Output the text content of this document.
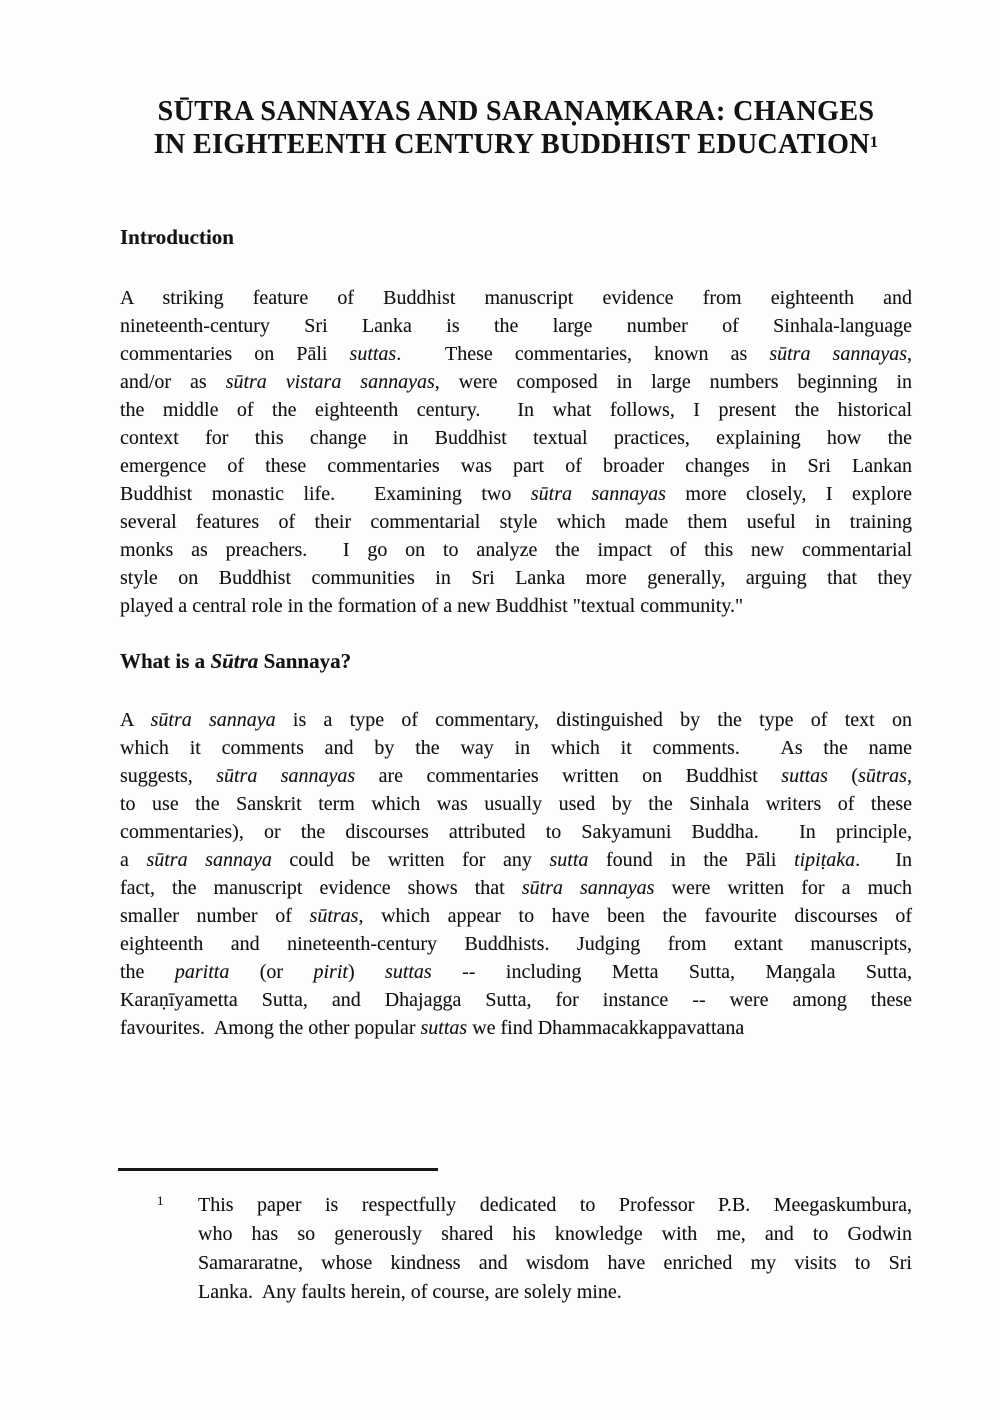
SŪTRA SANNAYAS AND SARAṆAṂKARA: CHANGES
IN EIGHTEENTH CENTURY BUDDHIST EDUCATION$^1$
Introduction
A striking feature of Buddhist manuscript evidence from eighteenth and
nineteenth-century Sri Lanka is the large number of Sinhala-language
commentaries on Pāli suttas.  These commentaries, known as sūtra sannayas,
and/or as sūtra vistara sannayas, were composed in large numbers beginning in
the middle of the eighteenth century.  In what follows, I present the historical
context for this change in Buddhist textual practices, explaining how the
emergence of these commentaries was part of broader changes in Sri Lankan
Buddhist monastic life.  Examining two sūtra sannayas more closely, I explore
several features of their commentarial style which made them useful in training
monks as preachers.  I go on to analyze the impact of this new commentarial
style on Buddhist communities in Sri Lanka more generally, arguing that they
played a central role in the formation of a new Buddhist "textual community."
What is a Sūtra Sannaya?
A sūtra sannaya is a type of commentary, distinguished by the type of text on
which it comments and by the way in which it comments.  As the name
suggests, sūtra sannayas are commentaries written on Buddhist suttas (sūtras,
to use the Sanskrit term which was usually used by the Sinhala writers of these
commentaries), or the discourses attributed to Sakyamuni Buddha.  In principle,
a sūtra sannaya could be written for any sutta found in the Pāli tipiṭaka.  In
fact, the manuscript evidence shows that sūtra sannayas were written for a much
smaller number of sūtras, which appear to have been the favourite discourses of
eighteenth and nineteenth-century Buddhists. Judging from extant manuscripts,
the paritta (or pirit) suttas -- including Metta Sutta, Maṇgala Sutta,
Karaṇīyametta Sutta, and Dhajagga Sutta, for instance -- were among these
favourites.  Among the other popular suttas we find Dhammacakkappavattana
1	This paper is respectfully dedicated to Professor P.B. Meegaskumbura,
who has so generously shared his knowledge with me, and to Godwin
Samararatne, whose kindness and wisdom have enriched my visits to Sri
Lanka.  Any faults herein, of course, are solely mine.
